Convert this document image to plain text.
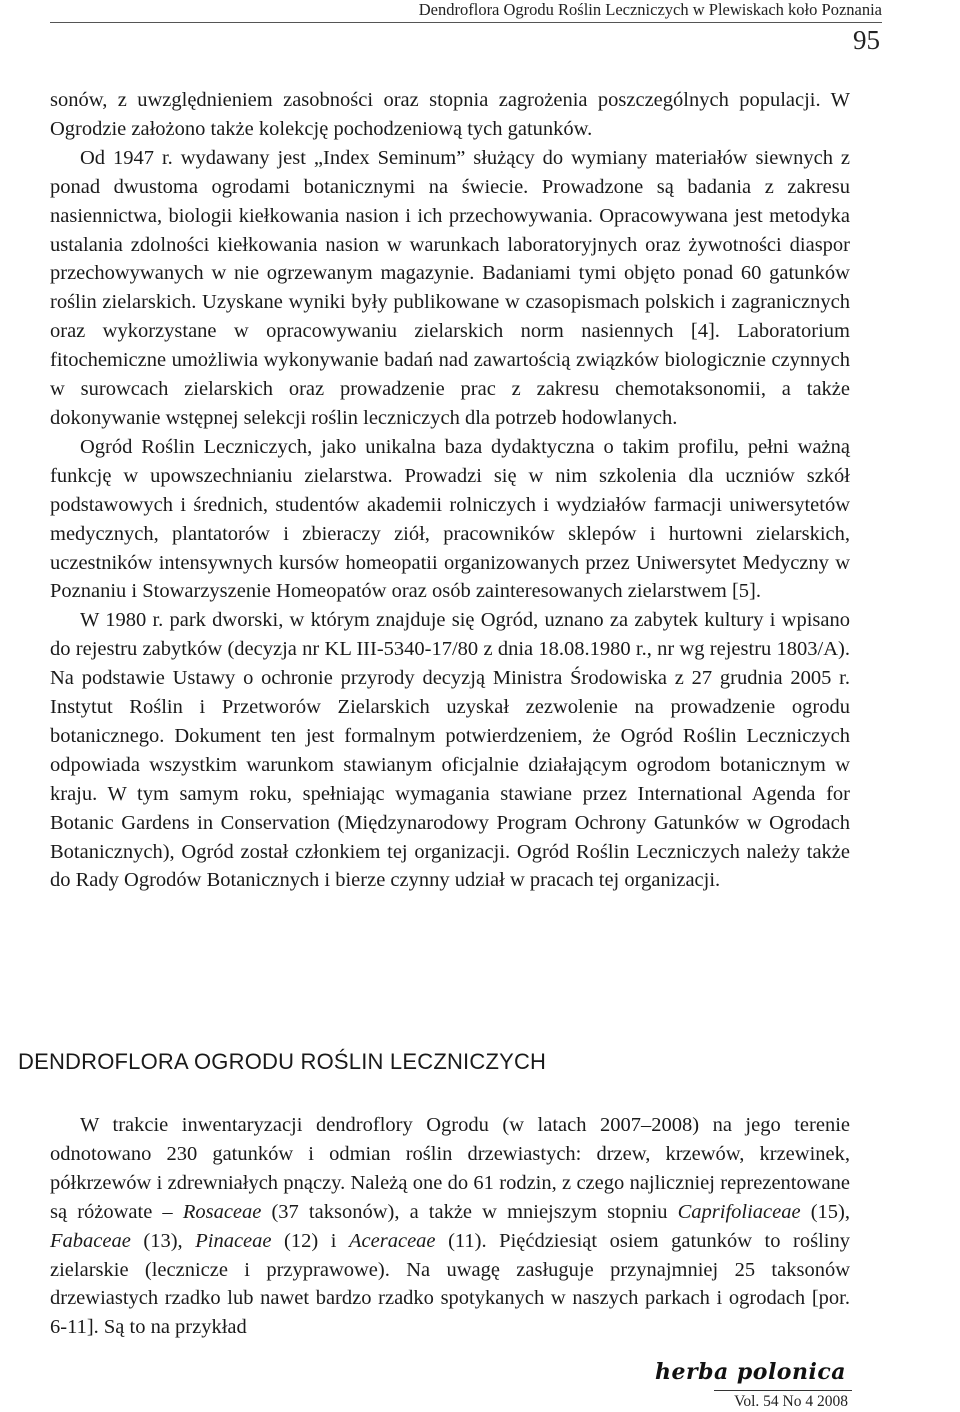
Dendroflora Ogrodu Roślin Leczniczych w Plewiskach koło Poznania
95

sonów, z uwzględnieniem zasobności oraz stopnia zagrożenia poszczególnych populacji. W Ogrodzie założono także kolekcję pochodzeniową tych gatunków.

Od 1947 r. wydawany jest „Index Seminum” służący do wymiany materiałów siewnych z ponad dwustoma ogrodami botanicznymi na świecie. Prowadzone są badania z zakresu nasiennictwa, biologii kiełkowania nasion i ich przechowywania. Opracowywana jest metodyka ustalania zdolności kiełkowania nasion w warunkach laboratoryjnych oraz żywotności diaspor przechowywanych w nie ogrzewanym magazynie. Badaniami tymi objęto ponad 60 gatunków roślin zielarskich. Uzyskane wyniki były publikowane w czasopismach polskich i zagranicznych oraz wykorzystane w opracowywaniu zielarskich norm nasiennych [4]. Laboratorium fitochemiczne umożliwia wykonywanie badań nad zawartością związków biologicznie czynnych w surowcach zielarskich oraz prowadzenie prac z zakresu chemotaksonomii, a także dokonywanie wstępnej selekcji roślin leczniczych dla potrzeb hodowlanych.

Ogród Roślin Leczniczych, jako unikalna baza dydaktyczna o takim profilu, pełni ważną funkcję w upowszechnianiu zielarstwa. Prowadzi się w nim szkolenia dla uczniów szkół podstawowych i średnich, studentów akademii rolniczych i wydziałów farmacji uniwersytetów medycznych, plantatorów i zbieraczy ziół, pracowników sklepów i hurtowni zielarskich, uczestników intensywnych kursów homeopatii organizowanych przez Uniwersytet Medyczny w Poznaniu i Stowarzyszenie Homeopatów oraz osób zainteresowanych zielarstwem [5].

W 1980 r. park dworski, w którym znajduje się Ogród, uznano za zabytek kultury i wpisano do rejestru zabytków (decyzja nr KL III-5340-17/80 z dnia 18.08.1980 r., nr wg rejestru 1803/A). Na podstawie Ustawy o ochronie przyrody decyzją Ministra Środowiska z 27 grudnia 2005 r. Instytut Roślin i Przetworów Zielarskich uzyskał zezwolenie na prowadzenie ogrodu botanicznego. Dokument ten jest formalnym potwierdzeniem, że Ogród Roślin Leczniczych odpowiada wszystkim warunkom stawianym oficjalnie działającym ogrodom botanicznym w kraju. W tym samym roku, spełniając wymagania stawiane przez International Agenda for Botanic Gardens in Conservation (Międzynarodowy Program Ochrony Gatunków w Ogrodach Botanicznych), Ogród został członkiem tej organizacji. Ogród Roślin Leczniczych należy także do Rady Ogrodów Botanicznych i bierze czynny udział w pracach tej organizacji.

DENDROFLORA OGRODU ROŚLIN LECZNICZYCH

W trakcie inwentaryzacji dendroflory Ogrodu (w latach 2007–2008) na jego terenie odnotowano 230 gatunków i odmian roślin drzewiastych: drzew, krzewów, krzewinek, półkrzewów i zdrewniałych pnączy. Należą one do 61 rodzin, z czego najliczniej reprezentowane są różowate – Rosaceae (37 taksonów), a także w mniejszym stopniu Caprifoliaceae (15), Fabaceae (13), Pinaceae (12) i Aceraceae (11). Pięćdziesiąt osiem gatunków to rośliny zielarskie (lecznicze i przyprawowe). Na uwagę zasługuje przynajmniej 25 taksonów drzewiastych rzadko lub nawet bardzo rzadko spotykanych w naszych parkach i ogrodach [por. 6-11]. Są to na przykład

herba polonica
Vol. 54 No 4 2008
